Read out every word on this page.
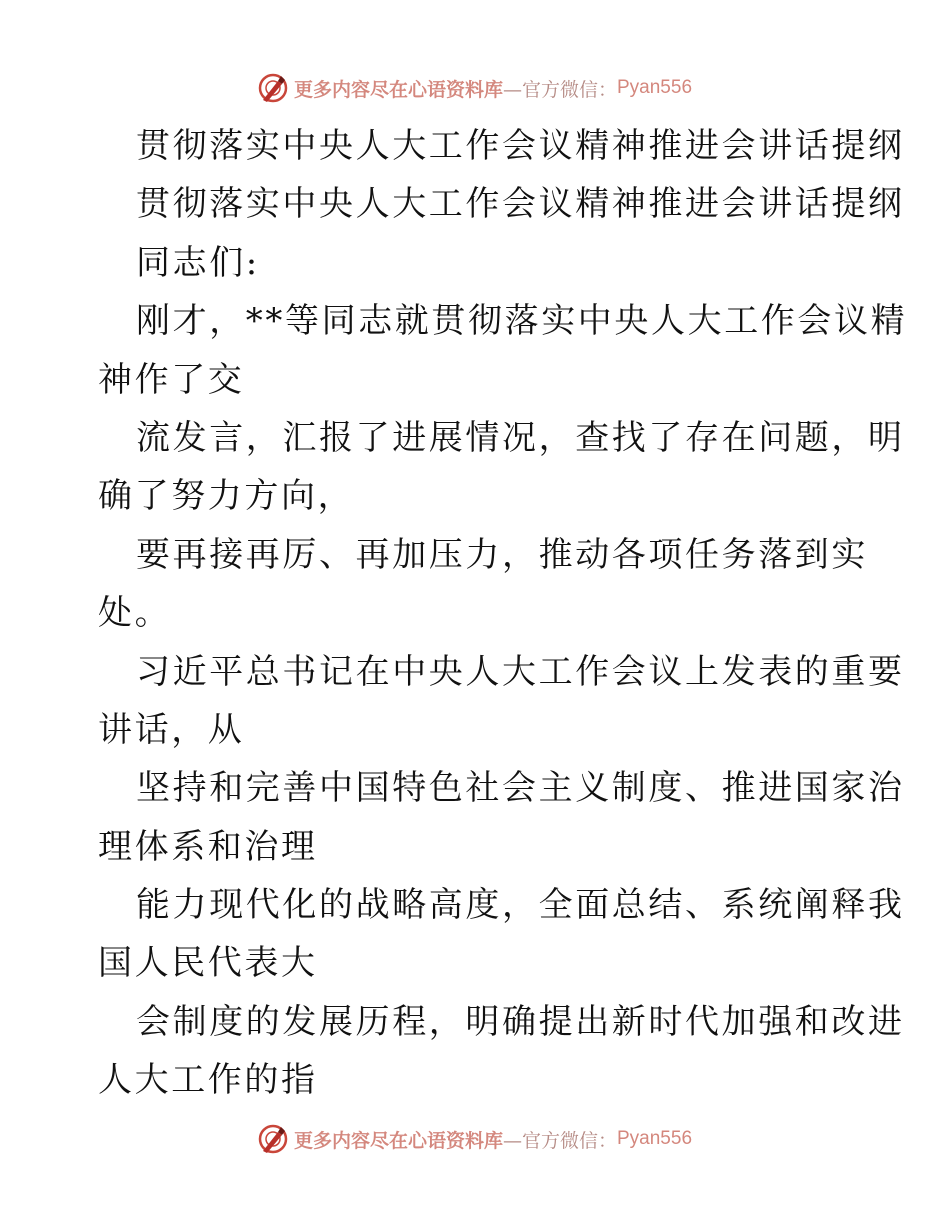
更多内容尽在心语资料库 —官方微信： Pyan556
贯彻落实中央人大工作会议精神推进会讲话提纲
贯彻落实中央人大工作会议精神推进会讲话提纲
同志们:
刚才，**等同志就贯彻落实中央人大工作会议精
神作了交
流发言，汇报了进展情况，查找了存在问题，明
确了努力方向，
要再接再厉、再加压力，推动各项任务落到实
处。
习近平总书记在中央人大工作会议上发表的重要
讲话，从
坚持和完善中国特色社会主义制度、推进国家治
理体系和治理
能力现代化的战略高度，全面总结、系统阐释我
国人民代表大
会制度的发展历程，明确提出新时代加强和改进
人大工作的指
更多内容尽在心语资料库 —官方微信： Pyan556
